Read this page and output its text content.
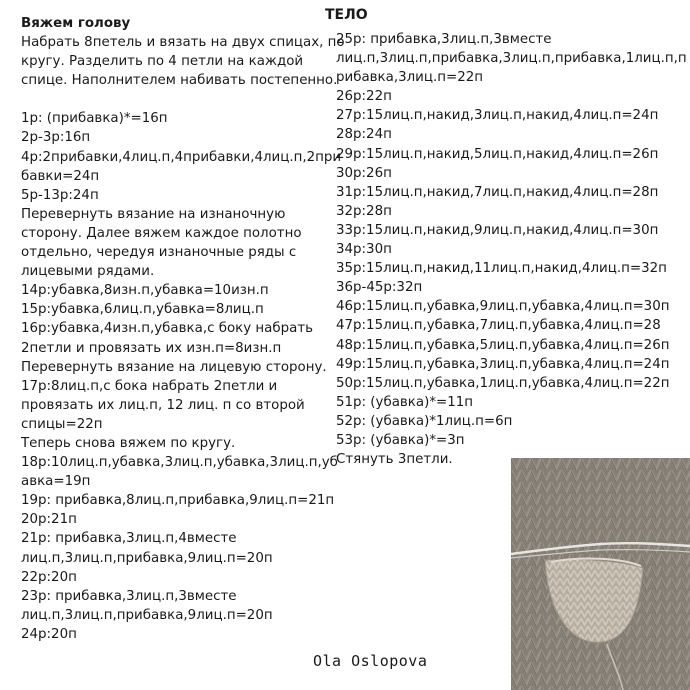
ТЕЛО
Вяжем голову
Набрать 8петель и вязать на двух спицах, по
кругу. Разделить по 4 петли на каждой
спице. Наполнителем набивать постепенно.
1р: (прибавка)*=16п
2р-3р:16п
4р:2прибавки,4лиц.п,4прибавки,4лиц.п,2прибавки=24п
5р-13р:24п
Перевернуть вязание на изнаночную
сторону. Далее вяжем каждое полотно
отдельно, чередуя изнаночные ряды с
лицевыми рядами.
14р:убавка,8изн.п,убавка=10изн.п
15р:убавка,6лиц.п,убавка=8лиц.п
16р:убавка,4изн.п,убавка,с боку набрать
2петли и провязать их изн.п=8изн.п
Перевернуть вязание на лицевую сторону.
17р:8лиц.п,с бока набрать 2петли и
провязать их лиц.п, 12 лиц. п со второй
спицы=22п
Теперь снова вяжем по кругу.
18р:10лиц.п,убавка,3лиц.п,убавка,3лиц.п,убавка=19п
19р: прибавка,8лиц.п,прибавка,9лиц.п=21п
20р:21п
21р: прибавка,3лиц.п,4вместе
лиц.п,3лиц.п,прибавка,9лиц.п=20п
22р:20п
23р: прибавка,3лиц.п,3вместе
лиц.п,3лиц.п,прибавка,9лиц.п=20п
24р:20п
25р: прибавка,3лиц.п,3вместе
лиц.п,3лиц.п,прибавка,3лиц.п,прибавка,1лиц.п,п
рибавка,3лиц.п=22п
26р:22п
27р:15лиц.п,накид,3лиц.п,накид,4лиц.п=24п
28р:24п
29р:15лиц.п,накид,5лиц.п,накид,4лиц.п=26п
30р:26п
31р:15лиц.п,накид,7лиц.п,накид,4лиц.п=28п
32р:28п
33р:15лиц.п,накид,9лиц.п,накид,4лиц.п=30п
34р:30п
35р:15лиц.п,накид,11лиц.п,накид,4лиц.п=32п
36р-45р:32п
46р:15лиц.п,убавка,9лиц.п,убавка,4лиц.п=30п
47р:15лиц.п,убавка,7лиц.п,убавка,4лиц.п=28
48р:15лиц.п,убавка,5лиц.п,убавка,4лиц.п=26п
49р:15лиц.п,убавка,3лиц.п,убавка,4лиц.п=24п
50р:15лиц.п,убавка,1лиц.п,убавка,4лиц.п=22п
51р: (убавка)*=11п
52р: (убавка)*1лиц.п=6п
53р: (убавка)*=3п
Стянуть 3петли.
Ola Oslopova
